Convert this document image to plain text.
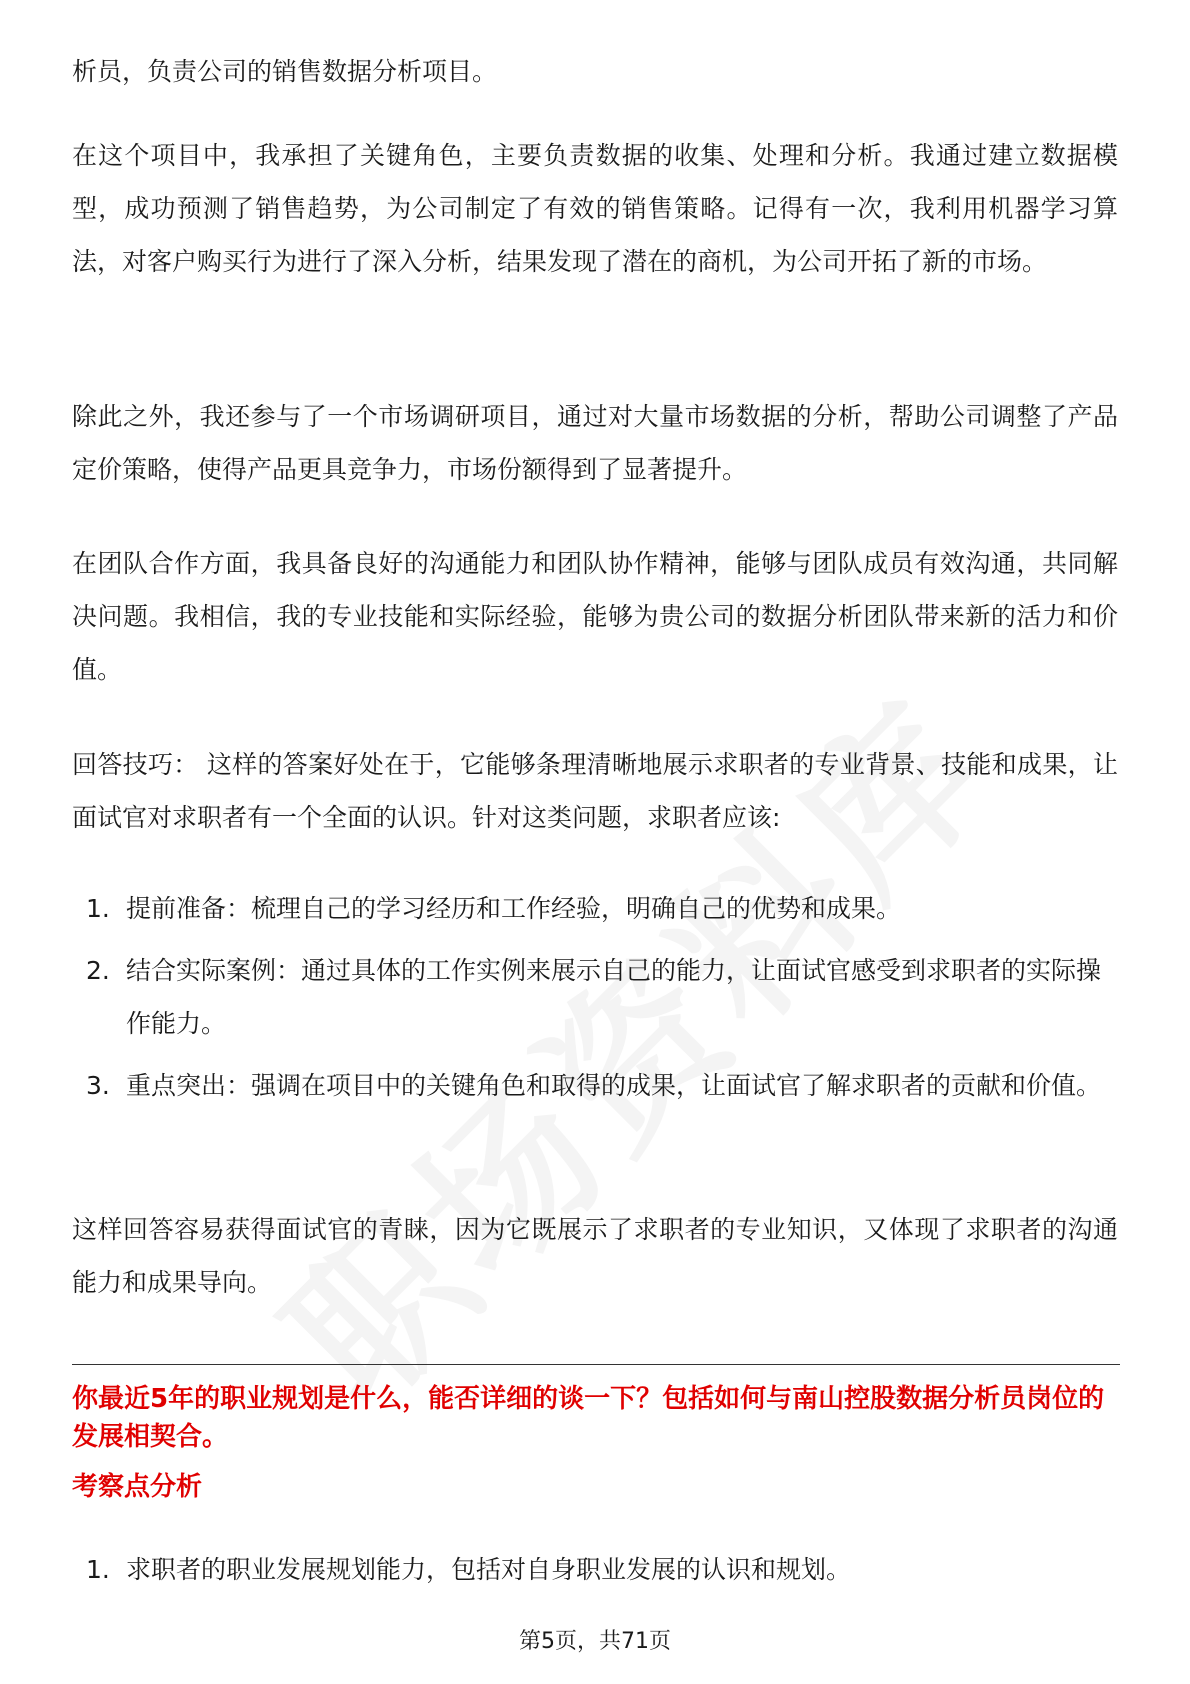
析员，负责公司的销售数据分析项目。

在这个项目中，我承担了关键角色，主要负责数据的收集、处理和分析。我通过建立数据模型，成功预测了销售趋势，为公司制定了有效的销售策略。记得有一次，我利用机器学习算法，对客户购买行为进行了深入分析，结果发现了潜在的商机，为公司开拓了新的市场。

除此之外，我还参与了一个市场调研项目，通过对大量市场数据的分析，帮助公司调整了产品定价策略，使得产品更具竞争力，市场份额得到了显著提升。

在团队合作方面，我具备良好的沟通能力和团队协作精神，能够与团队成员有效沟通，共同解决问题。我相信，我的专业技能和实际经验，能够为贵公司的数据分析团队带来新的活力和价值。

回答技巧： 这样的答案好处在于，它能够条理清晰地展示求职者的专业背景、技能和成果，让面试官对求职者有一个全面的认识。针对这类问题，求职者应该:

1. 提前准备：梳理自己的学习经历和工作经验，明确自己的优势和成果。
2. 结合实际案例：通过具体的工作实例来展示自己的能力，让面试官感受到求职者的实际操作能力。
3. 重点突出：强调在项目中的关键角色和取得的成果，让面试官了解求职者的贡献和价值。

这样回答容易获得面试官的青睐，因为它既展示了求职者的专业知识，又体现了求职者的沟通能力和成果导向。

你最近5年的职业规划是什么，能否详细的谈一下？包括如何与南山控股数据分析员岗位的发展相契合。
考察点分析
1. 求职者的职业发展规划能力，包括对自身职业发展的认识和规划。
第5页，共71页
